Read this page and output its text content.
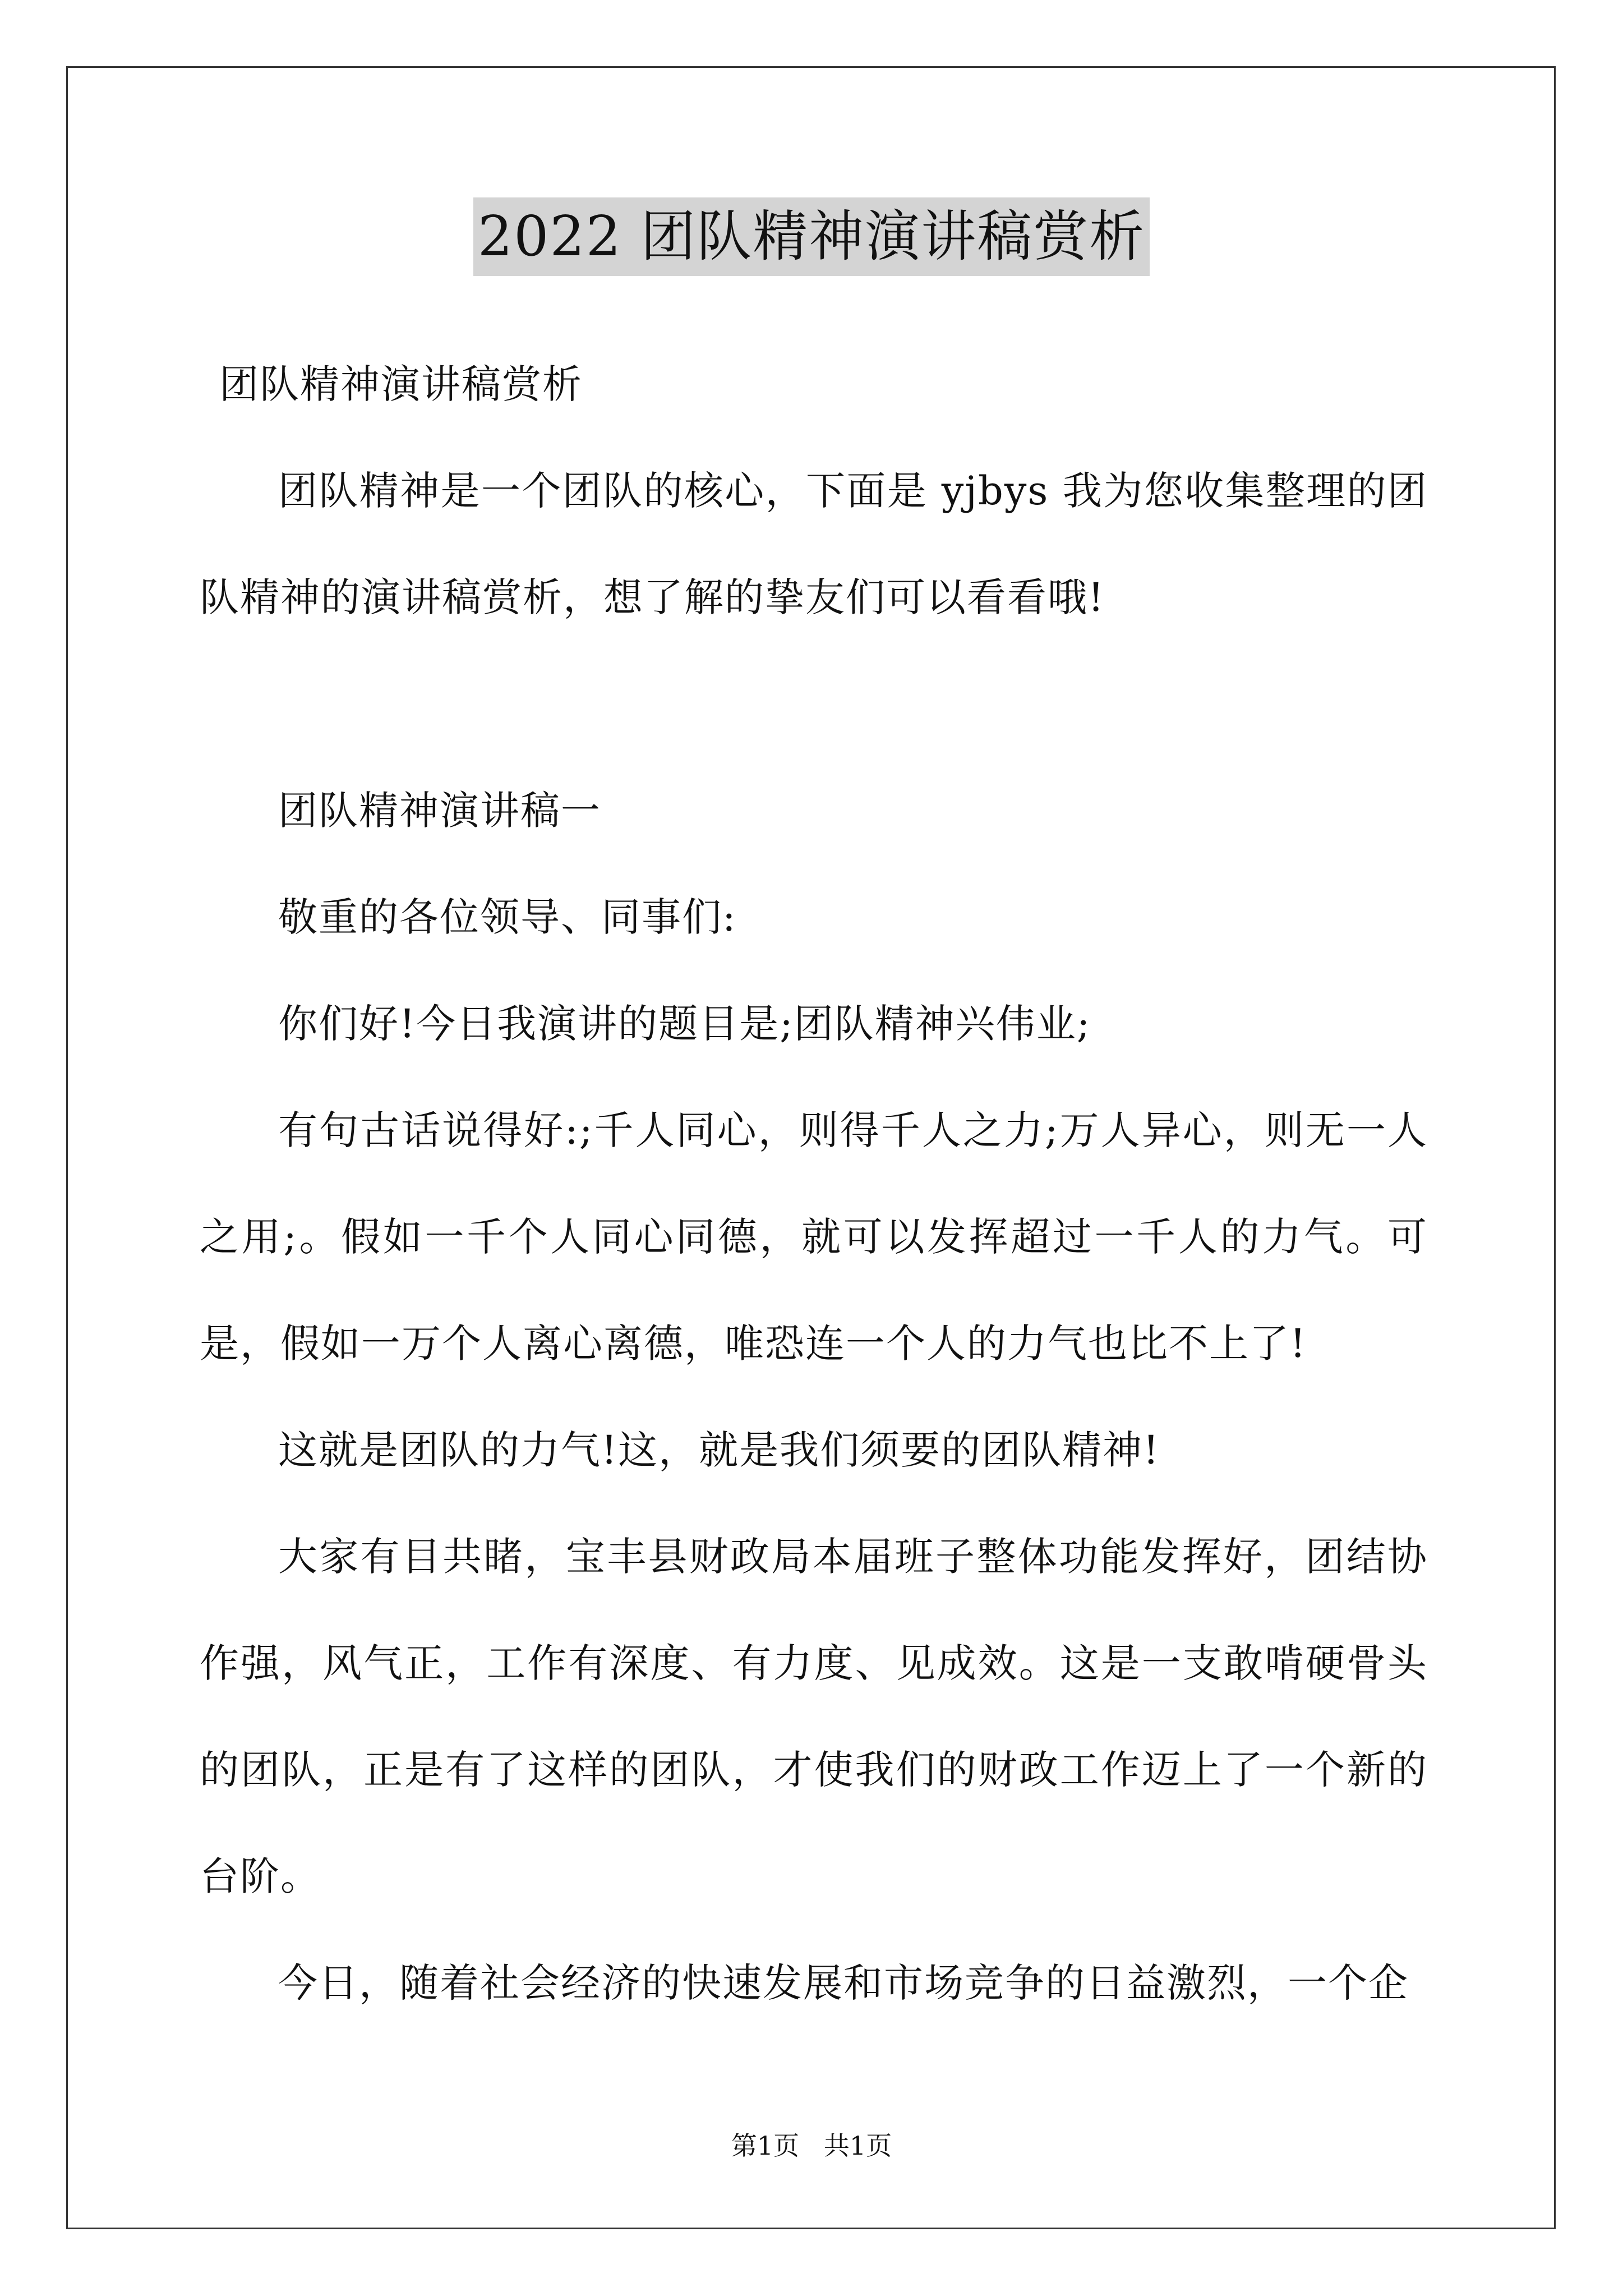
2022 团队精神演讲稿赏析

团队精神演讲稿赏析

团队精神是一个团队的核心，下面是 yjbys 我为您收集整理的团队精神的演讲稿赏析，想了解的挚友们可以看看哦!

团队精神演讲稿一

敬重的各位领导、同事们:

你们好!今日我演讲的题目是;团队精神兴伟业;

有句古话说得好:;千人同心，则得千人之力;万人异心，则无一人之用;。假如一千个人同心同德，就可以发挥超过一千人的力气。可是，假如一万个人离心离德，唯恐连一个人的力气也比不上了!

这就是团队的力气!这，就是我们须要的团队精神!

大家有目共睹，宝丰县财政局本届班子整体功能发挥好，团结协作强，风气正，工作有深度、有力度、见成效。这是一支敢啃硬骨头的团队，正是有了这样的团队，才使我们的财政工作迈上了一个新的台阶。

今日，随着社会经济的快速发展和市场竞争的日益激烈，一个企

第1页   共1页
